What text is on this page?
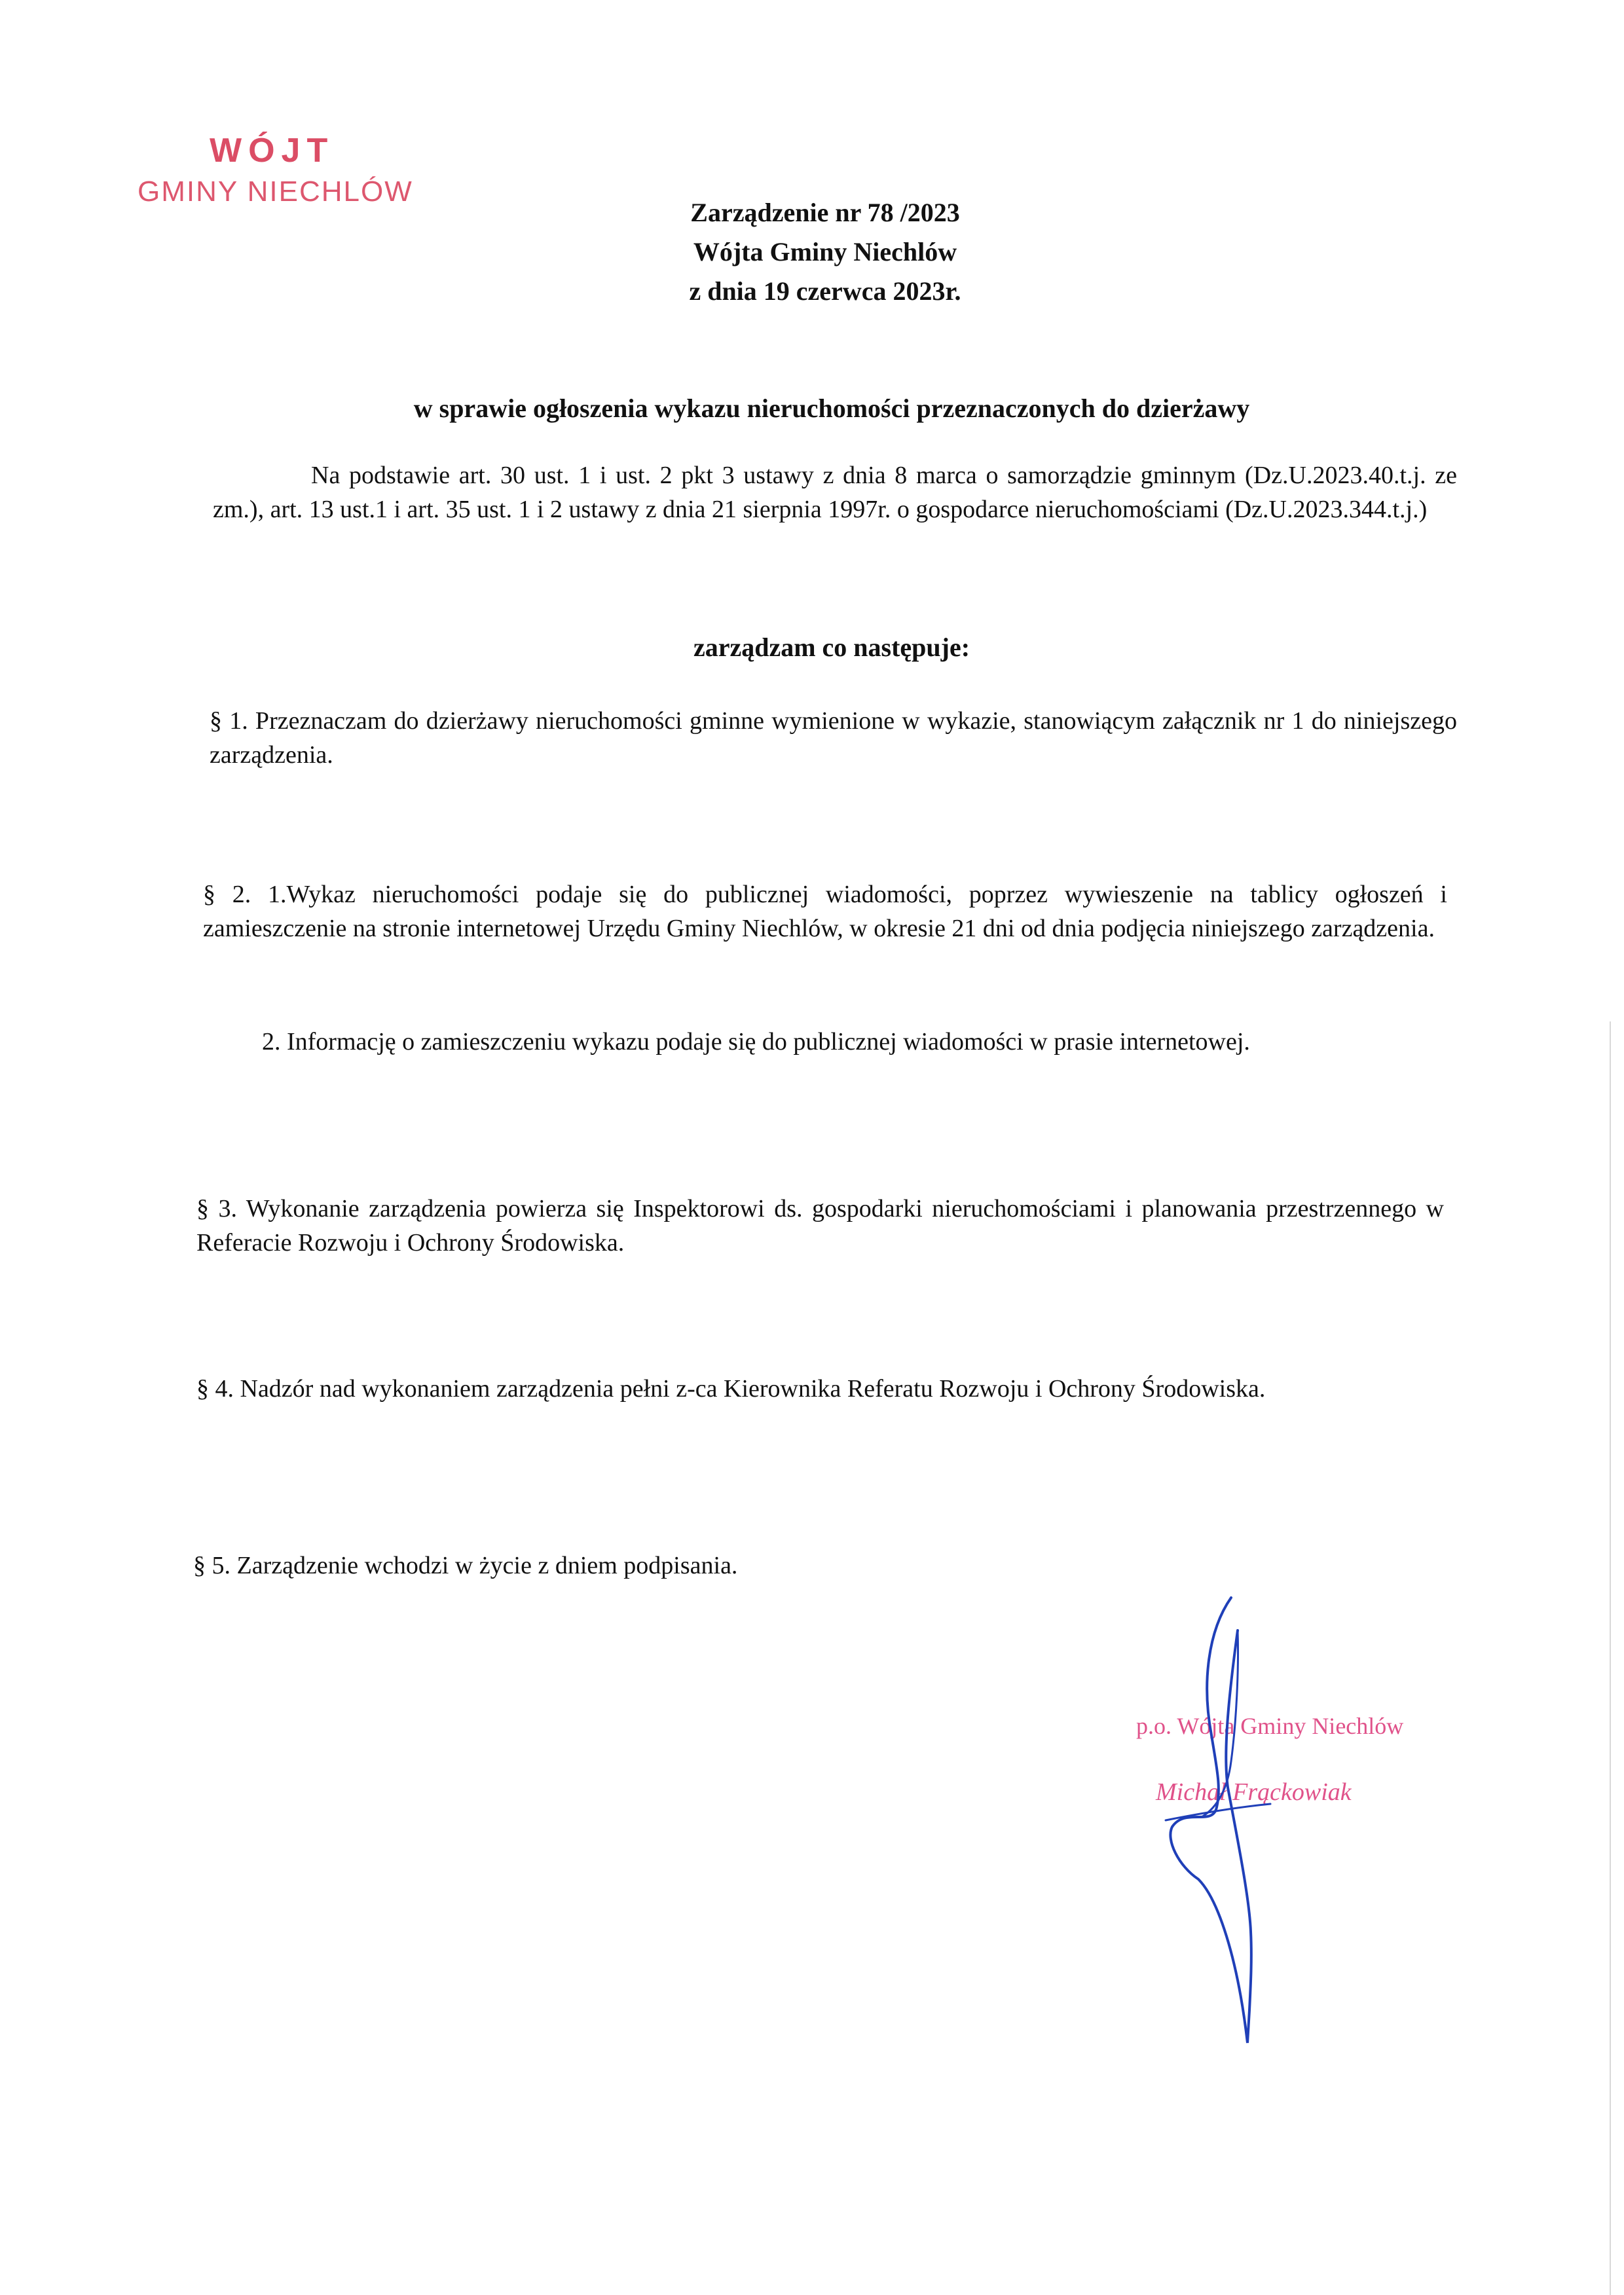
WÓJT
GMINY NIECHLÓW
Zarządzenie nr 78 /2023
Wójta Gminy Niechlów
z dnia 19 czerwca 2023r.
w sprawie ogłoszenia wykazu nieruchomości przeznaczonych do dzierżawy
Na podstawie art. 30 ust. 1 i ust. 2 pkt 3 ustawy z dnia 8 marca o samorządzie gminnym (Dz.U.2023.40.t.j. ze zm.), art. 13 ust.1 i art. 35 ust. 1 i 2 ustawy z dnia 21 sierpnia 1997r. o gospodarce nieruchomościami (Dz.U.2023.344.t.j.)
zarządzam co następuje:
§ 1. Przeznaczam do dzierżawy nieruchomości gminne wymienione w wykazie, stanowiącym załącznik nr 1 do niniejszego zarządzenia.
§ 2. 1.Wykaz nieruchomości podaje się do publicznej wiadomości, poprzez wywieszenie na tablicy ogłoszeń i zamieszczenie na stronie internetowej Urzędu Gminy Niechlów, w okresie 21 dni od dnia podjęcia niniejszego zarządzenia.
2. Informację o zamieszczeniu wykazu podaje się do publicznej wiadomości w prasie internetowej.
§ 3. Wykonanie zarządzenia powierza się Inspektorowi ds. gospodarki nieruchomościami i planowania przestrzennego w Referacie Rozwoju i Ochrony Środowiska.
§ 4. Nadzór nad wykonaniem zarządzenia pełni z-ca Kierownika Referatu Rozwoju i Ochrony Środowiska.
§ 5. Zarządzenie wchodzi w życie z dniem podpisania.
p.o. Wójta Gminy Niechlów
Michał Frąckowiak
